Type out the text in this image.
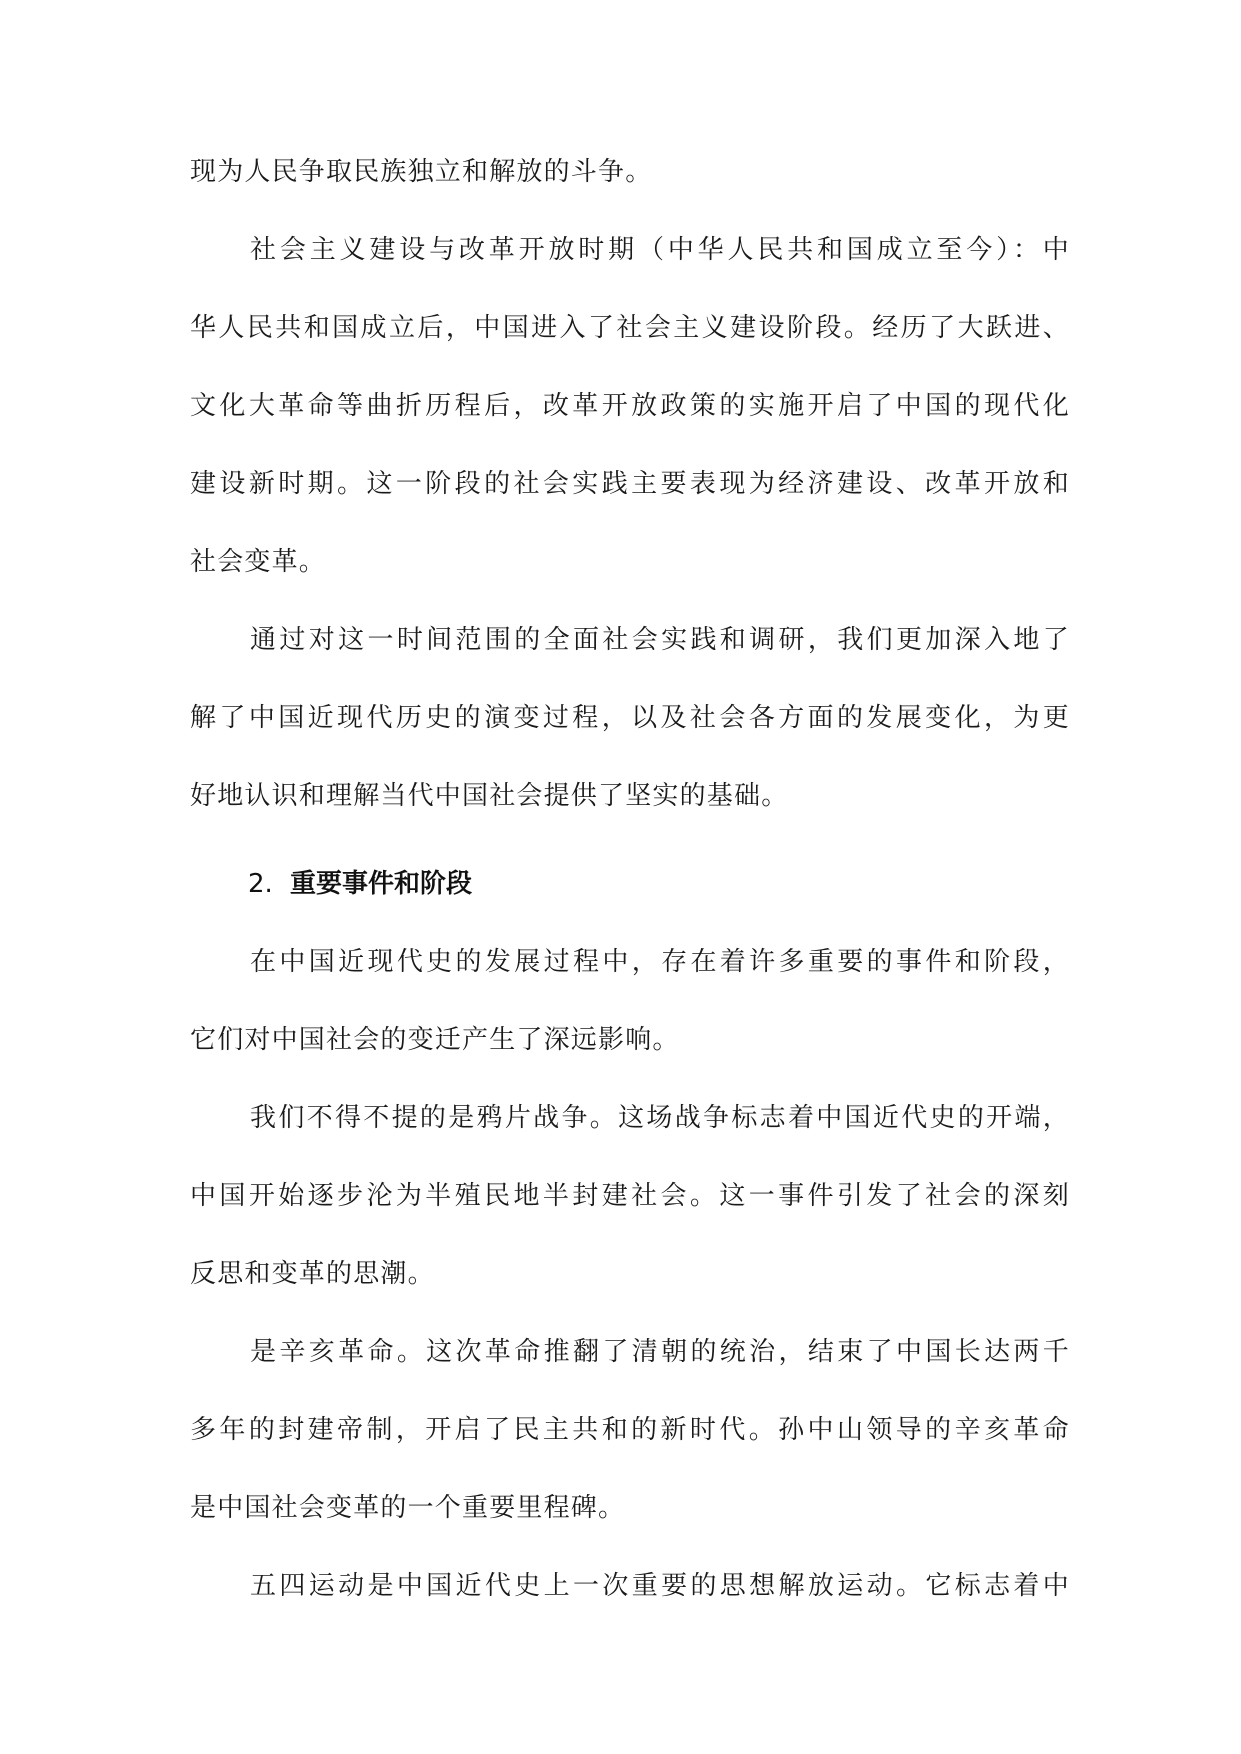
现为人民争取民族独立和解放的斗争。
社会主义建设与改革开放时期（中华人民共和国成立至今）：中
华人民共和国成立后，中国进入了社会主义建设阶段。经历了大跃进、
文化大革命等曲折历程后，改革开放政策的实施开启了中国的现代化
建设新时期。这一阶段的社会实践主要表现为经济建设、改革开放和
社会变革。
通过对这一时间范围的全面社会实践和调研，我们更加深入地了
解了中国近现代历史的演变过程，以及社会各方面的发展变化，为更
好地认识和理解当代中国社会提供了坚实的基础。
2. 重要事件和阶段
在中国近现代史的发展过程中，存在着许多重要的事件和阶段，
它们对中国社会的变迁产生了深远影响。
我们不得不提的是鸦片战争。这场战争标志着中国近代史的开端，
中国开始逐步沦为半殖民地半封建社会。这一事件引发了社会的深刻
反思和变革的思潮。
是辛亥革命。这次革命推翻了清朝的统治，结束了中国长达两千
多年的封建帝制，开启了民主共和的新时代。孙中山领导的辛亥革命
是中国社会变革的一个重要里程碑。
五四运动是中国近代史上一次重要的思想解放运动。它标志着中
